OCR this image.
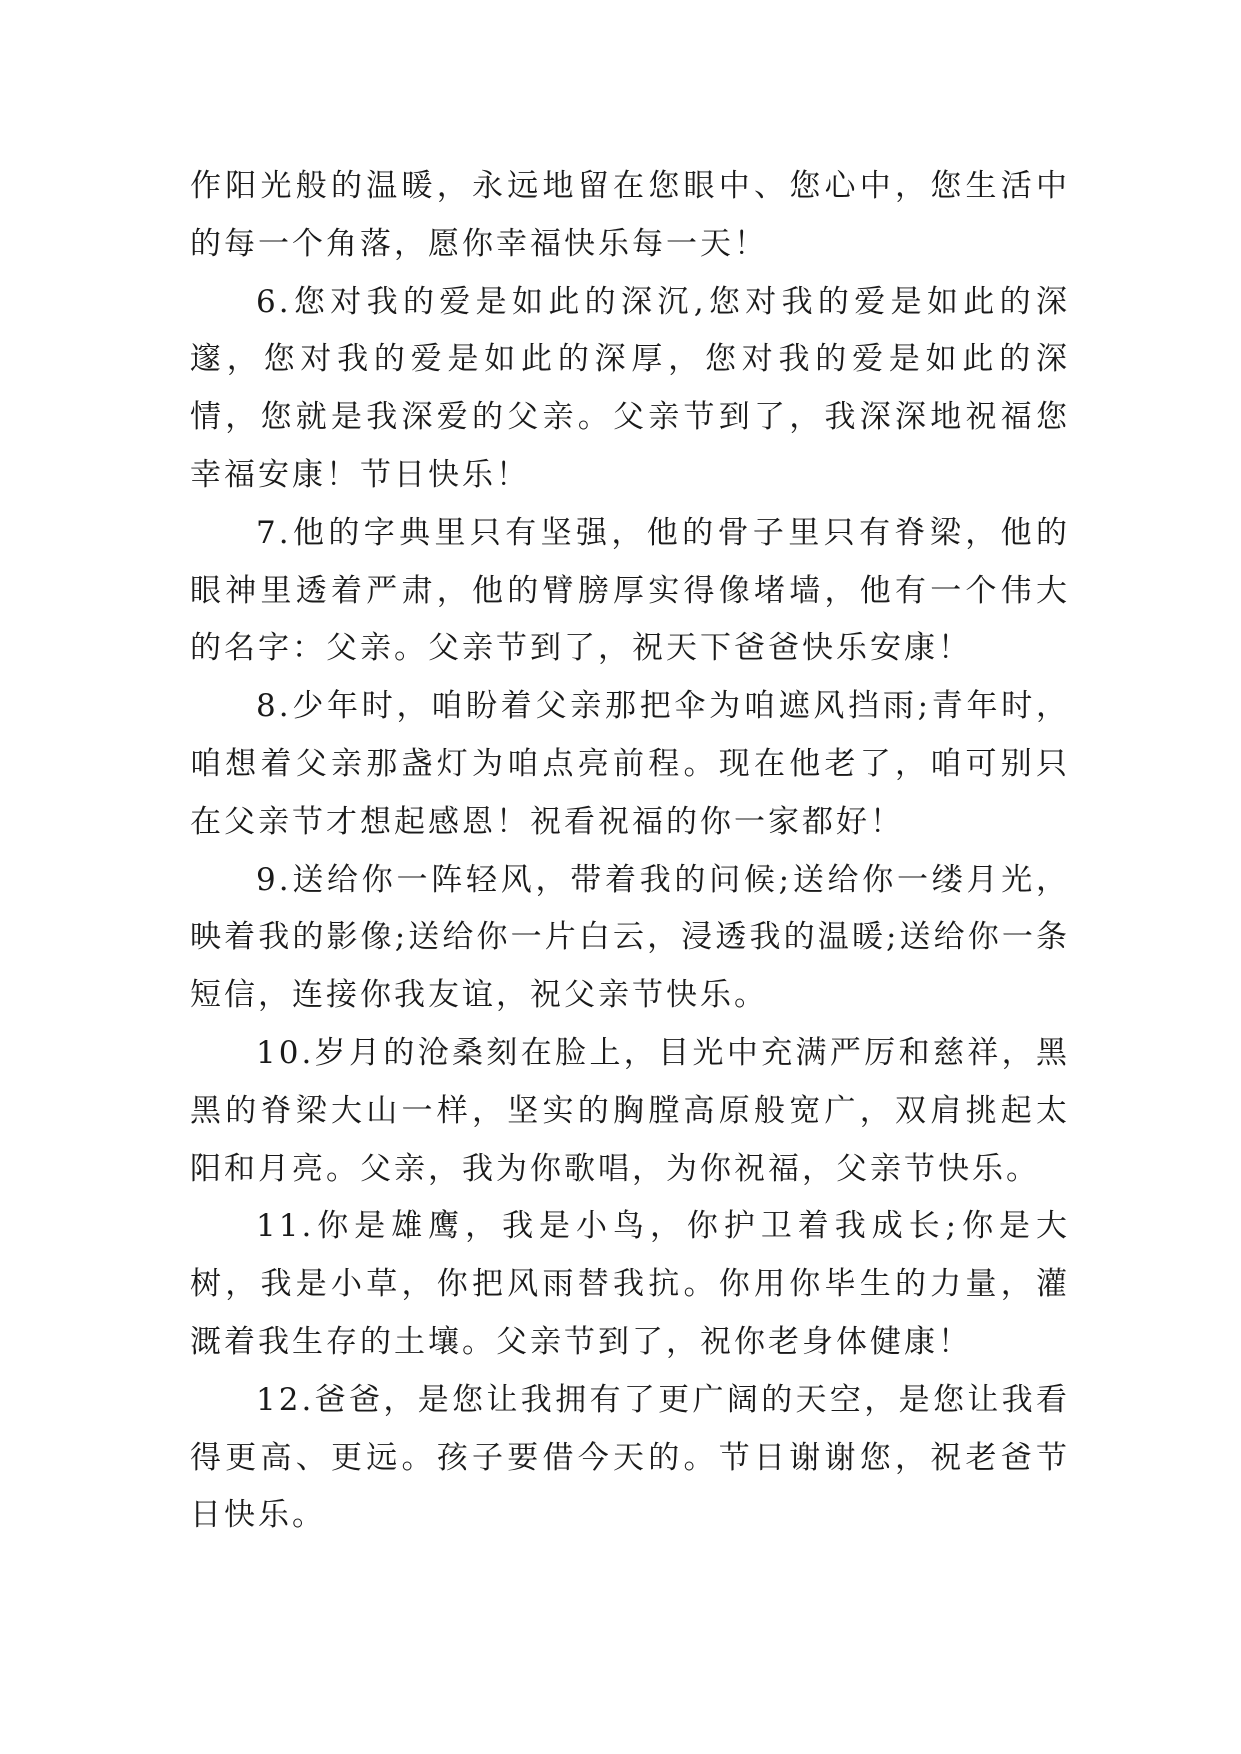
作阳光般的温暖，永远地留在您眼中、您心中，您生活中的每一个角落，愿你幸福快乐每一天！

6.您对我的爱是如此的深沉,您对我的爱是如此的深邃，您对我的爱是如此的深厚，您对我的爱是如此的深情，您就是我深爱的父亲。父亲节到了，我深深地祝福您幸福安康！节日快乐！

7.他的字典里只有坚强，他的骨子里只有脊梁，他的眼神里透着严肃，他的臂膀厚实得像堵墙，他有一个伟大的名字：父亲。父亲节到了，祝天下爸爸快乐安康！

8.少年时，咱盼着父亲那把伞为咱遮风挡雨;青年时，咱想着父亲那盏灯为咱点亮前程。现在他老了，咱可别只在父亲节才想起感恩！祝看祝福的你一家都好！

9.送给你一阵轻风，带着我的问候;送给你一缕月光，映着我的影像;送给你一片白云，浸透我的温暖;送给你一条短信，连接你我友谊，祝父亲节快乐。

10.岁月的沧桑刻在脸上，目光中充满严厉和慈祥，黑黑的脊梁大山一样，坚实的胸膛高原般宽广，双肩挑起太阳和月亮。父亲，我为你歌唱，为你祝福，父亲节快乐。

11.你是雄鹰，我是小鸟，你护卫着我成长;你是大树，我是小草，你把风雨替我抗。你用你毕生的力量，灌溉着我生存的土壤。父亲节到了，祝你老身体健康！

12.爸爸，是您让我拥有了更广阔的天空，是您让我看得更高、更远。孩子要借今天的。节日谢谢您，祝老爸节日快乐。
